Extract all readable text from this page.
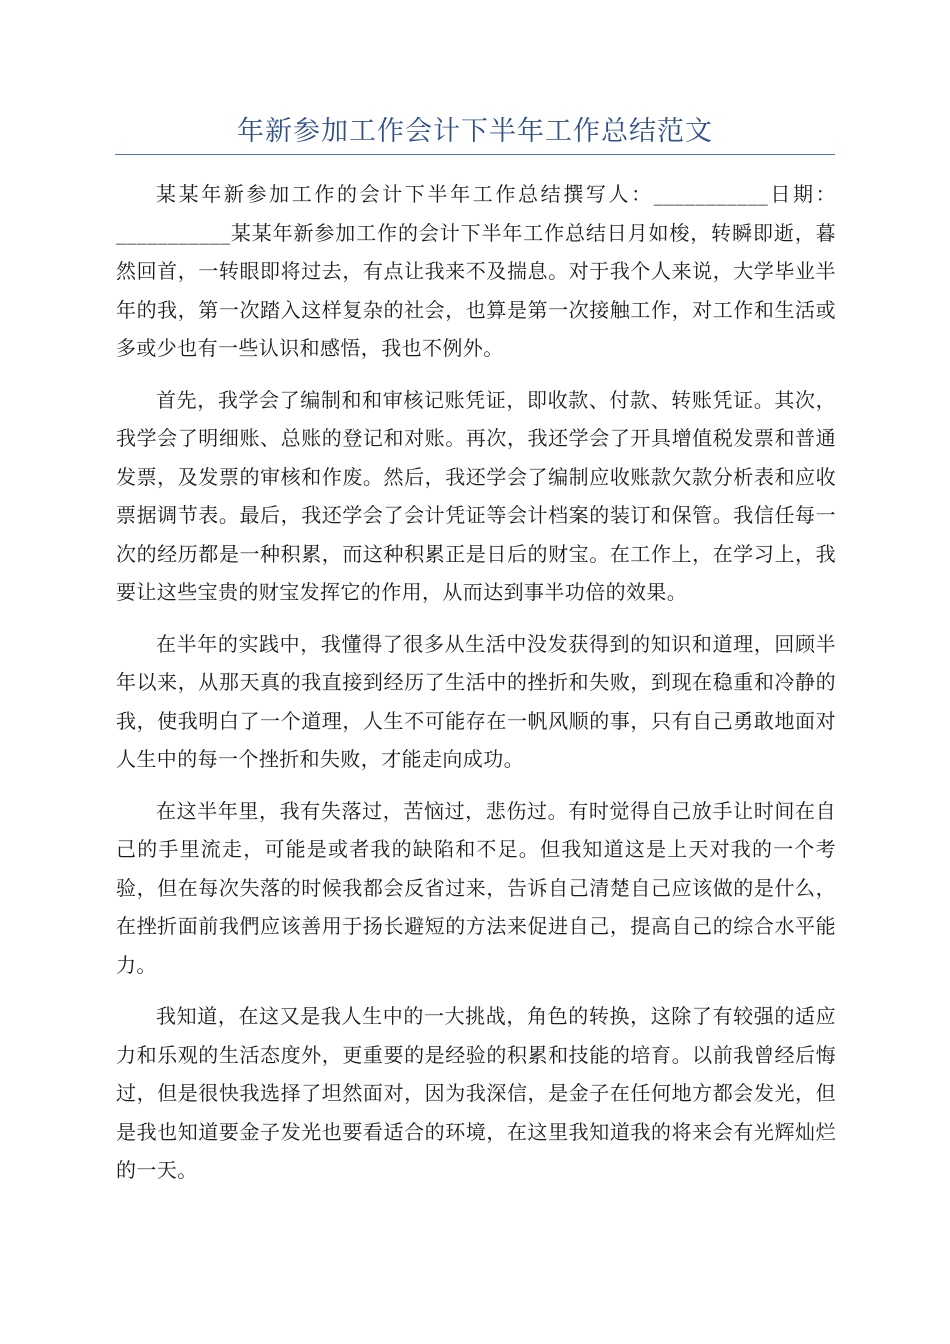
年新参加工作会计下半年工作总结范文

某某年新参加工作的会计下半年工作总结撰写人：___________日期：___________某某年新参加工作的会计下半年工作总结日月如梭，转瞬即逝，暮然回首，一转眼即将过去，有点让我来不及揣息。对于我个人来说，大学毕业半年的我，第一次踏入这样复杂的社会，也算是第一次接触工作，对工作和生活或多或少也有一些认识和感悟，我也不例外。

首先，我学会了编制和和审核记账凭证，即收款、付款、转账凭证。其次，我学会了明细账、总账的登记和对账。再次，我还学会了开具增值税发票和普通发票，及发票的审核和作废。然后，我还学会了编制应收账款欠款分析表和应收票据调节表。最后，我还学会了会计凭证等会计档案的装订和保管。我信任每一次的经历都是一种积累，而这种积累正是日后的财宝。在工作上，在学习上，我要让这些宝贵的财宝发挥它的作用，从而达到事半功倍的效果。

在半年的实践中，我懂得了很多从生活中没发获得到的知识和道理，回顾半年以来，从那天真的我直接到经历了生活中的挫折和失败，到现在稳重和冷静的我，使我明白了一个道理，人生不可能存在一帆风顺的事，只有自己勇敢地面对人生中的每一个挫折和失败，才能走向成功。

在这半年里，我有失落过，苦恼过，悲伤过。有时觉得自己放手让时间在自己的手里流走，可能是或者我的缺陷和不足。但我知道这是上天对我的一个考验，但在每次失落的时候我都会反省过来，告诉自己清楚自己应该做的是什么，在挫折面前我們应该善用于扬长避短的方法来促进自己，提高自己的综合水平能力。

我知道，在这又是我人生中的一大挑战，角色的转换，这除了有较强的适应力和乐观的生活态度外，更重要的是经验的积累和技能的培育。以前我曾经后悔过，但是很快我选择了坦然面对，因为我深信，是金子在任何地方都会发光，但是我也知道要金子发光也要看适合的环境，在这里我知道我的将来会有光辉灿烂的一天。
